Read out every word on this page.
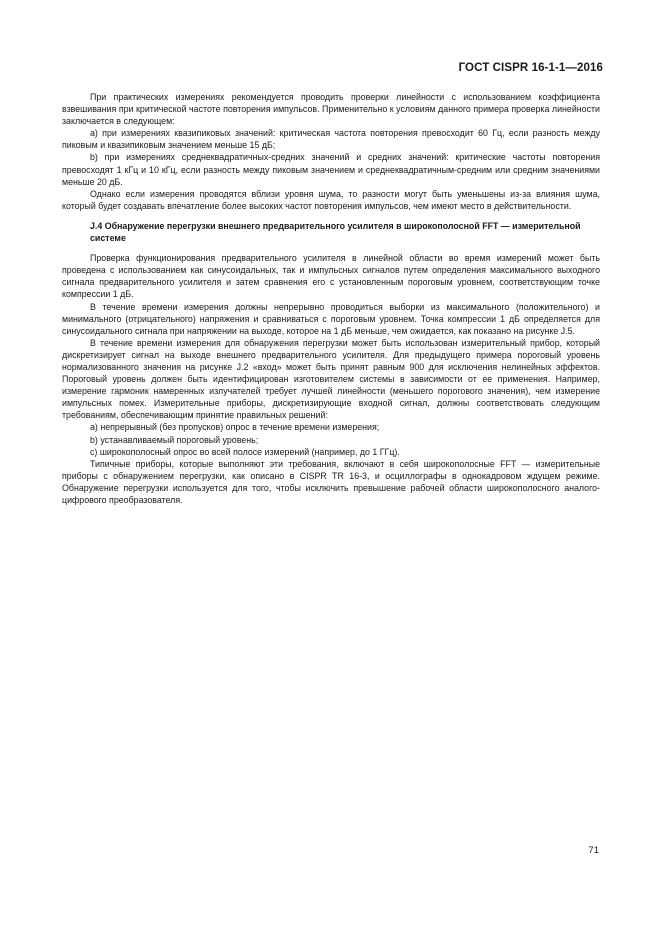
ГОСТ CISPR 16-1-1—2016

При практических измерениях рекомендуется проводить проверки линейности с использованием коэффициента взвешивания при критической частоте повторения импульсов. Применительно к условиям данного примера проверка линейности заключается в следующем:

а) при измерениях квазипиковых значений: критическая частота повторения превосходит 60 Гц, если разность между пиковым и квазипиковым значением меньше 15 дБ;

b) при измерениях среднеквадратичных-средних значений и средних значений: критические частоты повторения превосходят 1 кГц и 10 кГц, если разность между пиковым значением и среднеквадратичным-средним или средним значениями меньше 20 дБ.

Однако если измерения проводятся вблизи уровня шума, то разности могут быть уменьшены из-за влияния шума, который будет создавать впечатление более высоких частот повторения импульсов, чем имеют место в действительности.

J.4 Обнаружение перегрузки внешнего предварительного усилителя в широкополосной FFT — измерительной системе

Проверка функционирования предварительного усилителя в линейной области во время измерений может быть проведена с использованием как синусоидальных, так и импульсных сигналов путем определения максимального выходного сигнала предварительного усилителя и затем сравнения его с установленным пороговым уровнем, соответствующим точке компрессии 1 дБ.

В течение времени измерения должны непрерывно проводиться выборки из максимального (положительного) и минимального (отрицательного) напряжения и сравниваться с пороговым уровнем. Точка компрессии 1 дБ определяется для синусоидального сигнала при напряжении на выходе, которое на 1 дБ меньше, чем ожидается, как показано на рисунке J.5.

В течение времени измерения для обнаружения перегрузки может быть использован измерительный прибор, который дискретизирует сигнал на выходе внешнего предварительного усилителя. Для предыдущего примера пороговый уровень нормализованного значения на рисунке J.2 «вход» может быть принят равным 900 для исключения нелинейных эффектов. Пороговый уровень должен быть идентифицирован изготовителем системы в зависимости от ее применения. Например, измерение гармоник намеренных излучателей требует лучшей линейности (меньшего порогового значения), чем измерение импульсных помех. Измерительные приборы, дискретизирующие входной сигнал, должны соответствовать следующим требованиям, обеспечивающим принятие правильных решений:

а) непрерывный (без пропусков) опрос в течение времени измерения;

b) устанавливаемый пороговый уровень;

с) широкополосный опрос во всей полосе измерений (например, до 1 ГГц).

Типичные приборы, которые выполняют эти требования, включают в себя широкополосные FFT — измерительные приборы с обнаружением перегрузки, как описано в CISPR TR 16-3, и осциллографы в однокадровом ждущем режиме. Обнаружение перегрузки используется для того, чтобы исключить превышение рабочей области широкополосного аналого-цифрового преобразователя.

71
